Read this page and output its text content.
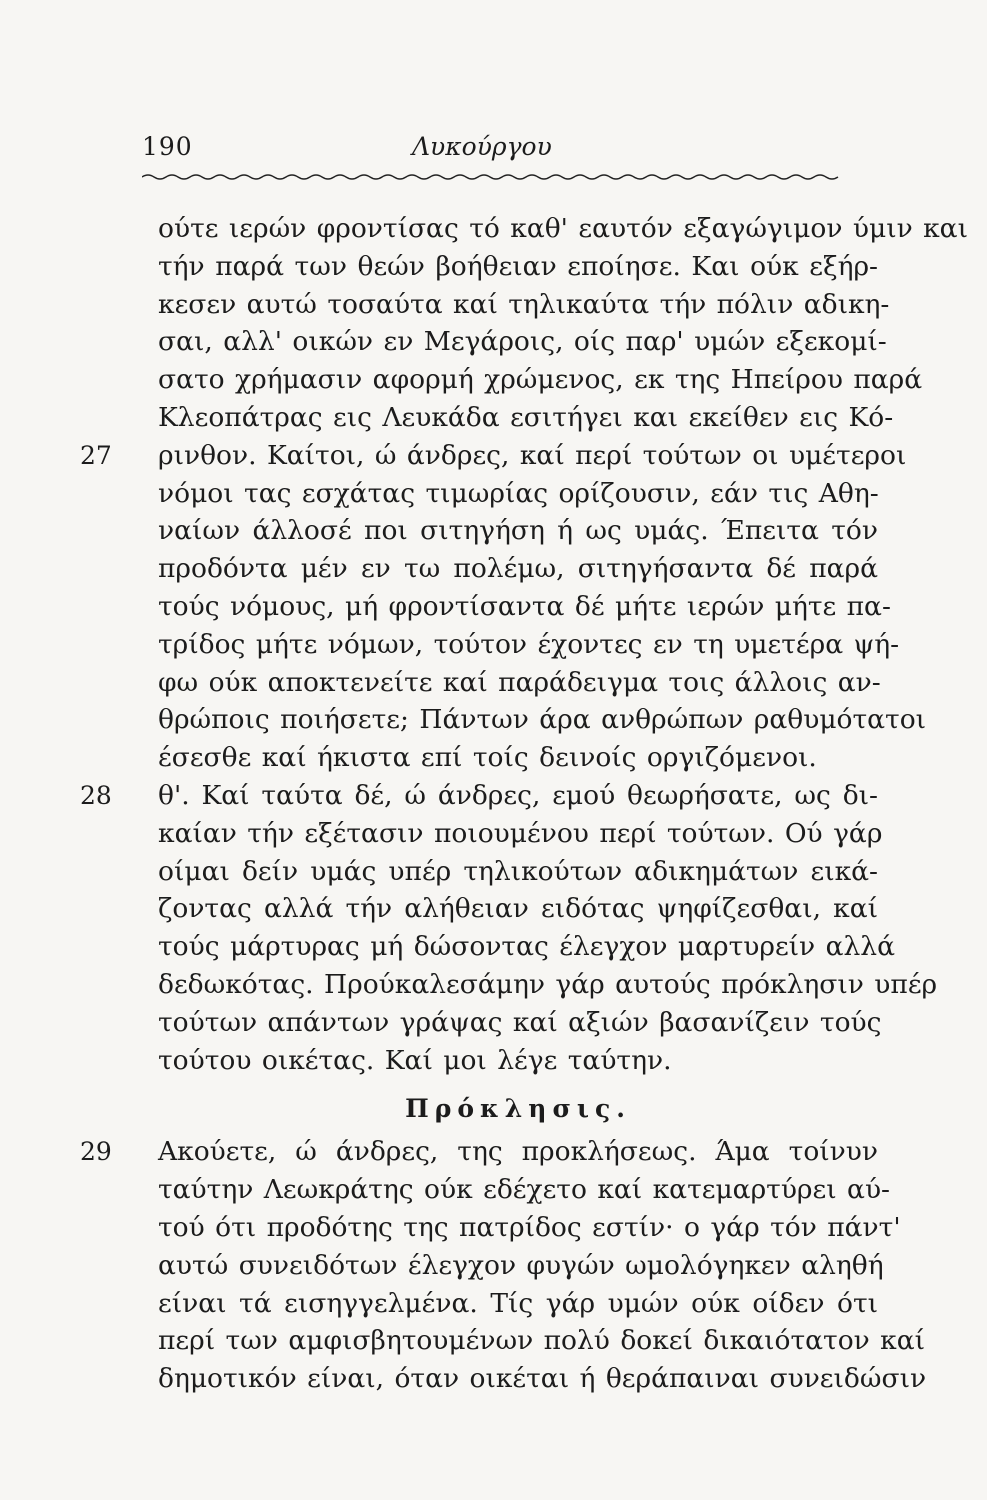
190	Λυκούργου
ούτε ιερών φροντίσας τό καθ' εαυτόν εξαγώγιμον ύμιν και
τήν παρά των θεών βοήθειαν εποίησε. Και ούκ εξήρ-
κεσεν αυτώ τοσαύτα καί τηλικαύτα τήν πόλιν αδικη-
σαι, αλλ' οικών εν Μεγάροις, οίς παρ' υμών εξεκομί-
σατο χρήμασιν αφορμή χρώμενος, εκ της Ηπείρου παρά
Κλεοπάτρας εις Λευκάδα εσιτήγει και εκείθεν εις Κό-
27 ρινθον. Καίτοι, ώ άνδρες, καί περί τούτων οι υμέτεροι
νόμοι τας εσχάτας τιμωρίας ορίζουσιν, εάν τις Αθη-
ναίων άλλοσέ ποι σιτηγήση ή ως υμάς. Έπειτα τόν
προδόντα μέν εν τω πολέμω, σιτηγήσαντα δέ παρά
τούς νόμους, μή φροντίσαντα δέ μήτε ιερών μήτε πα-
τρίδος μήτε νόμων, τούτον έχοντες εν τη υμετέρα ψή-
φω ούκ αποκτενείτε καί παράδειγμα τοις άλλοις αν-
θρώποις ποιήσετε; Πάντων άρα ανθρώπων ραθυμότατοι
έσεσθε καί ήκιστα επί τοίς δεινοίς οργιζόμενοι.
28 θ'. Καί ταύτα δέ, ώ άνδρες, εμού θεωρήσατε, ως δι-
καίαν τήν εξέτασιν ποιουμένου περί τούτων. Ού γάρ
οίμαι δείν υμάς υπέρ τηλικούτων αδικημάτων εικά-
ζοντας αλλά τήν αλήθειαν ειδότας ψηφίζεσθαι, καί
τούς μάρτυρας μή δώσοντας έλεγχον μαρτυρείν αλλά
δεδωκότας. Προύκαλεσάμην γάρ αυτούς πρόκλησιν υπέρ
τούτων απάντων γράψας καί αξιών βασανίζειν τούς
τούτου οικέτας. Καί μοι λέγε ταύτην.
Πρόκλησις.
29 Ακούετε, ώ άνδρες, της προκλήσεως. Άμα τοίνυν
ταύτην Λεωκράτης ούκ εδέχετο καί κατεμαρτύρει αύ-
τού ότι προδότης της πατρίδος εστίν· ο γάρ τόν πάντ'
αυτώ συνειδότων έλεγχον φυγών ωμολόγηκεν αληθή
είναι τά εισηγγελμένα. Τίς γάρ υμών ούκ οίδεν ότι
περί των αμφισβητουμένων πολύ δοκεί δικαιότατον καί
δημοτικόν είναι, όταν οικέται ή θεράπαιναι συνειδώσιν
